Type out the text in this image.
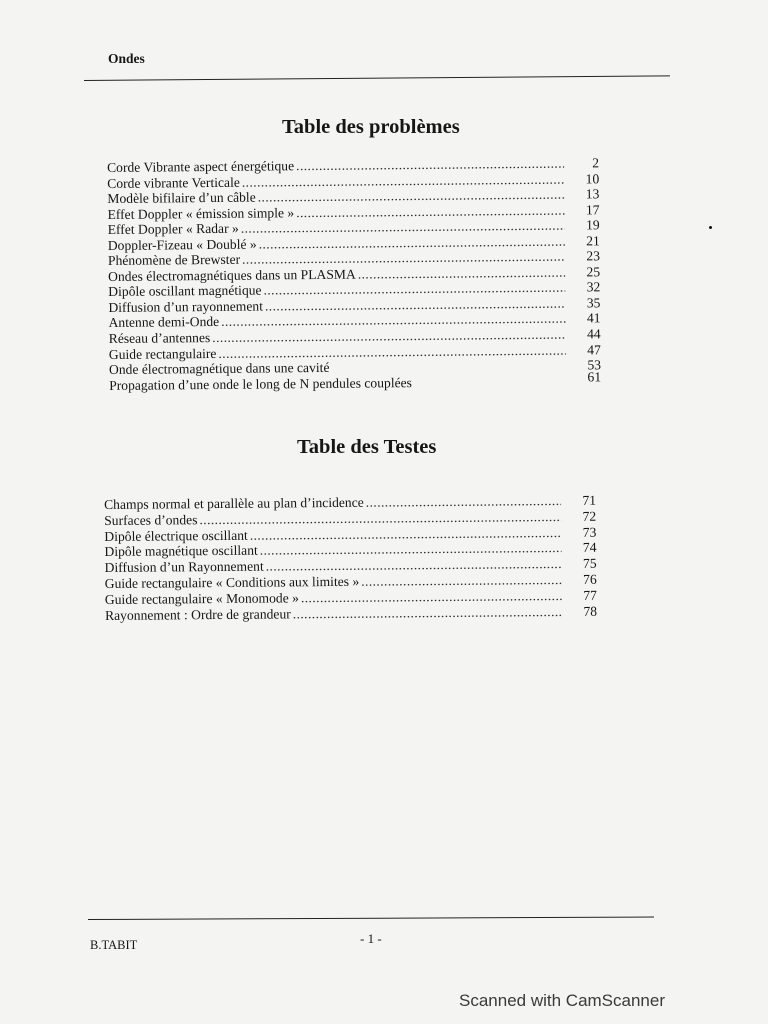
Ondes
Table des problèmes
Corde Vibrante aspect énergétique .....	2
Corde vibrante Verticale .....	10
Modèle bifilaire d’un câble .....	13
Effet Doppler « émission simple » .....	17
Effet Doppler « Radar » .....	19
Doppler-Fizeau « Doublé » .....	21
Phénomène de Brewster .....	23
Ondes électromagnétiques dans un PLASMA .....	25
Dipôle oscillant magnétique .....	32
Diffusion d’un rayonnement .....	35
Antenne demi-Onde .....	41
Réseau d’antennes .....	44
Guide rectangulaire .....	47
Onde électromagnétique dans une cavité	53
Propagation d’une onde le long de N pendules couplées	61
Table des Testes
Champs normal et parallèle au plan d’incidence .....	71
Surfaces d’ondes .....	72
Dipôle électrique oscillant .....	73
Dipôle magnétique oscillant .....	74
Diffusion d’un Rayonnement .....	75
Guide rectangulaire « Conditions aux limites » .....	76
Guide rectangulaire « Monomode » .....	77
Rayonnement : Ordre de grandeur .....	78
B.TABIT	- 1 -
Scanned with CamScanner
